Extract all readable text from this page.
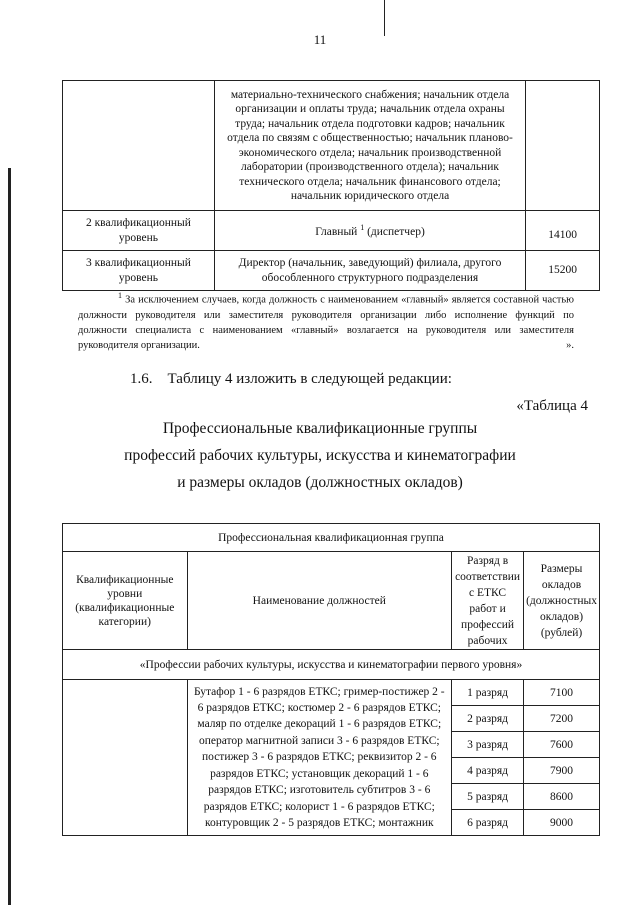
11
	материально-технического снабжения; начальник отдела организации и оплаты труда; начальник отдела охраны труда; начальник отдела подготовки кадров; начальник отдела по связям с общественностью; начальник планово-экономического отдела; начальник производственной лаборатории (производственного отдела); начальник технического отдела; начальник финансового отдела; начальник юридического отдела	
2 квалификационный уровень	Главный $^1$ (диспетчер)	14100
3 квалификационный уровень	Директор (начальник, заведующий) филиала, другого обособленного структурного подразделения	15200
$^1$ За исключением случаев, когда должность с наименованием «главный» является составной частью должности руководителя или заместителя руководителя организации либо исполнение функций по должности специалиста с наименованием «главный» возлагается на руководителя или заместителя руководителя организации.	».
1.6. Таблицу 4 изложить в следующей редакции:
«Таблица 4
Профессиональные квалификационные группы
профессий рабочих культуры, искусства и кинематографии
и размеры окладов (должностных окладов)
Профессиональная квалификационная группа			
Квалификационные уровни (квалификационные категории)	Наименование должностей	Разряд в соответствии с ЕТКС работ и профессий рабочих	Размеры окладов (должностных окладов) (рублей)
«Профессии рабочих культуры, искусства и кинематографии первого уровня»			
	Бутафор 1 - 6 разрядов ЕТКС; гример-постижер 2 - 6 разрядов ЕТКС; костюмер 2 - 6 разрядов ЕТКС; маляр по отделке декораций 1 - 6 разрядов ЕТКС; оператор магнитной записи 3 - 6 разрядов ЕТКС; постижер 3 - 6 разрядов ЕТКС; реквизитор 2 - 6 разрядов ЕТКС; установщик декораций 1 - 6 разрядов ЕТКС; изготовитель субтитров 3 - 6 разрядов ЕТКС; колорист 1 - 6 разрядов ЕТКС; контуровщик 2 - 5 разрядов ЕТКС; монтажник	1 разряд	7100
		2 разряд	7200
		3 разряд	7600
		4 разряд	7900
		5 разряд	8600
		6 разряд	9000
